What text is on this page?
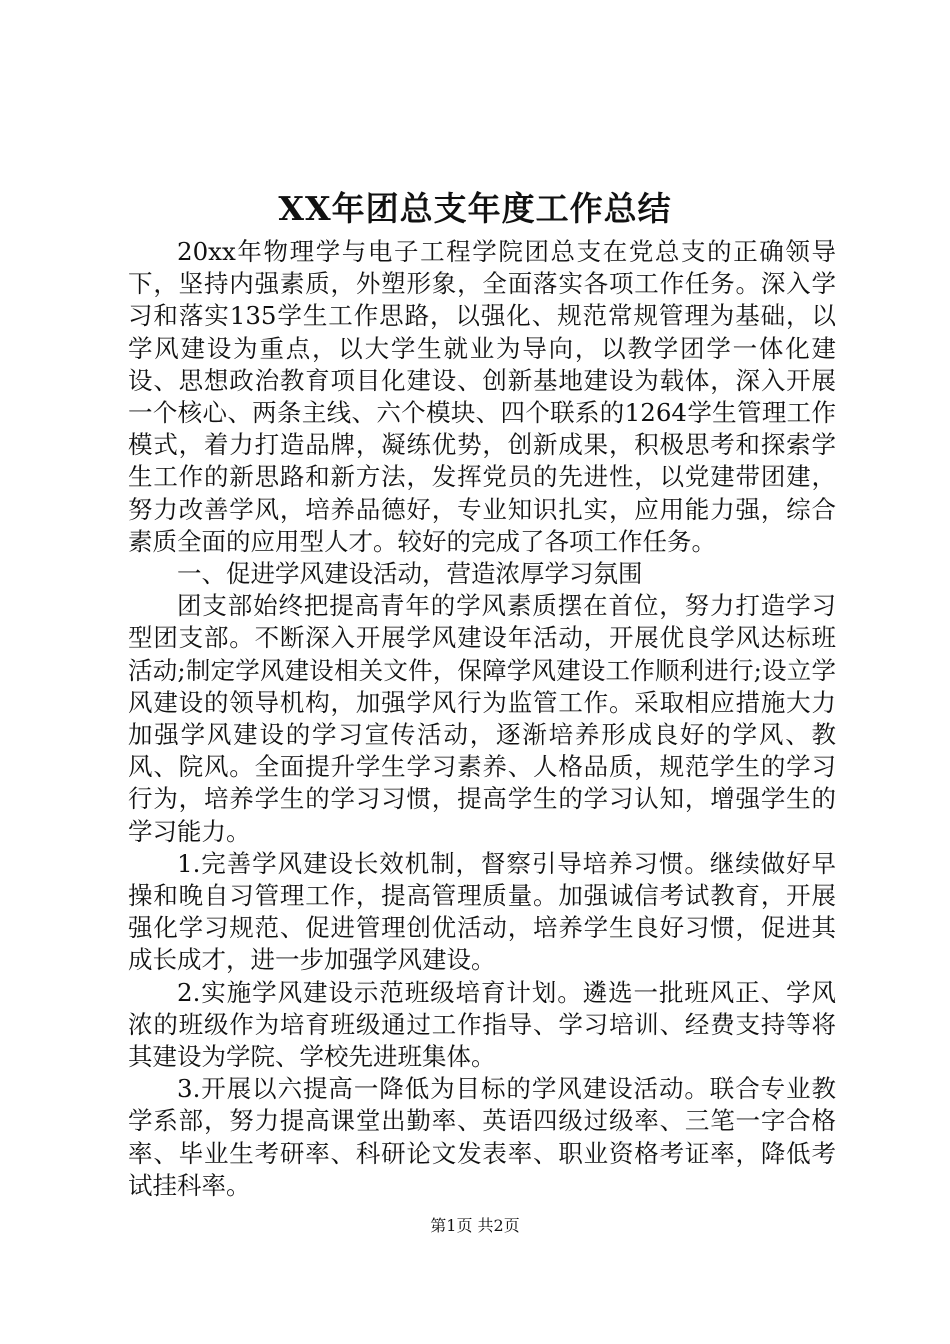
XX年团总支年度工作总结

20xx年物理学与电子工程学院团总支在党总支的正确领导下，坚持内强素质，外塑形象，全面落实各项工作任务。深入学习和落实135学生工作思路，以强化、规范常规管理为基础，以学风建设为重点，以大学生就业为导向，以教学团学一体化建设、思想政治教育项目化建设、创新基地建设为载体，深入开展一个核心、两条主线、六个模块、四个联系的1264学生管理工作模式，着力打造品牌，凝练优势，创新成果，积极思考和探索学生工作的新思路和新方法，发挥党员的先进性，以党建带团建，努力改善学风，培养品德好，专业知识扎实，应用能力强，综合素质全面的应用型人才。较好的完成了各项工作任务。

一、促进学风建设活动，营造浓厚学习氛围

团支部始终把提高青年的学风素质摆在首位，努力打造学习型团支部。不断深入开展学风建设年活动，开展优良学风达标班活动;制定学风建设相关文件，保障学风建设工作顺利进行;设立学风建设的领导机构，加强学风行为监管工作。采取相应措施大力加强学风建设的学习宣传活动，逐渐培养形成良好的学风、教风、院风。全面提升学生学习素养、人格品质，规范学生的学习行为，培养学生的学习习惯，提高学生的学习认知，增强学生的学习能力。

1.完善学风建设长效机制，督察引导培养习惯。继续做好早操和晚自习管理工作，提高管理质量。加强诚信考试教育，开展强化学习规范、促进管理创优活动，培养学生良好习惯，促进其成长成才，进一步加强学风建设。

2.实施学风建设示范班级培育计划。遴选一批班风正、学风浓的班级作为培育班级通过工作指导、学习培训、经费支持等将其建设为学院、学校先进班集体。

3.开展以六提高一降低为目标的学风建设活动。联合专业教学系部，努力提高课堂出勤率、英语四级过级率、三笔一字合格率、毕业生考研率、科研论文发表率、职业资格考证率，降低考试挂科率。

第1页 共2页
